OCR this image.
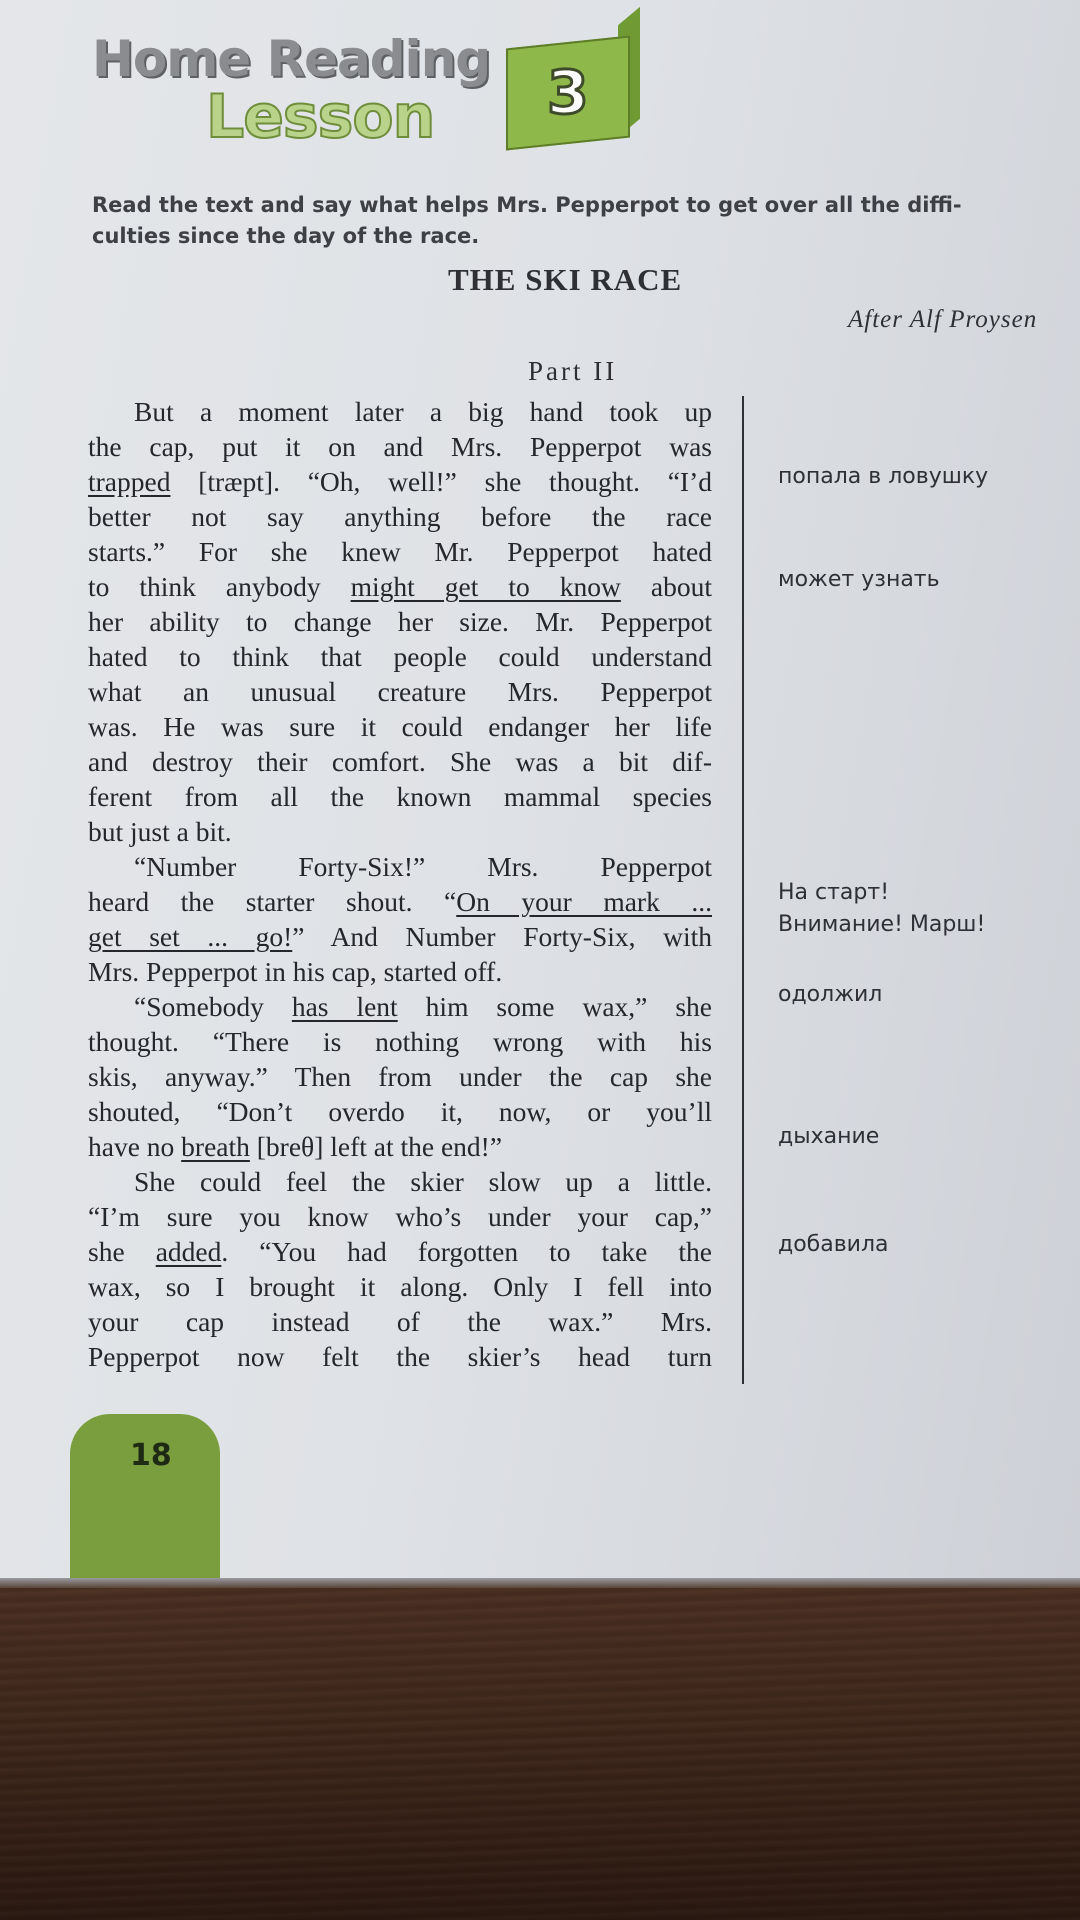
Home Reading
Lesson 3
Read the text and say what helps Mrs. Pepperpot to get over all the diffi-
culties since the day of the race.
THE SKI RACE
After Alf Proysen
Part II
But a moment later a big hand took up
the cap, put it on and Mrs. Pepperpot was
trapped [træpt]. “Oh, well!” she thought. “I’d
better not say anything before the race
starts.” For she knew Mr. Pepperpot hated
to think anybody might get to know about
her ability to change her size. Mr. Pepperpot
hated to think that people could understand
what an unusual creature Mrs. Pepperpot
was. He was sure it could endanger her life
and destroy their comfort. She was a bit dif-
ferent from all the known mammal species
but just a bit.
“Number Forty-Six!” Mrs. Pepperpot
heard the starter shout. “On your mark ...
get set ... go!” And Number Forty-Six, with
Mrs. Pepperpot in his cap, started off.
“Somebody has lent him some wax,” she
thought. “There is nothing wrong with his
skis, anyway.” Then from under the cap she
shouted, “Don’t overdo it, now, or you’ll
have no breath [breθ] left at the end!”
She could feel the skier slow up a little.
“I’m sure you know who’s under your cap,”
she added. “You had forgotten to take the
wax, so I brought it along. Only I fell into
your cap instead of the wax.” Mrs.
Pepperpot now felt the skier’s head turn
попала в ловушку
может узнать
На старт!
Внимание! Марш!
одолжил
дыхание
добавила
18
